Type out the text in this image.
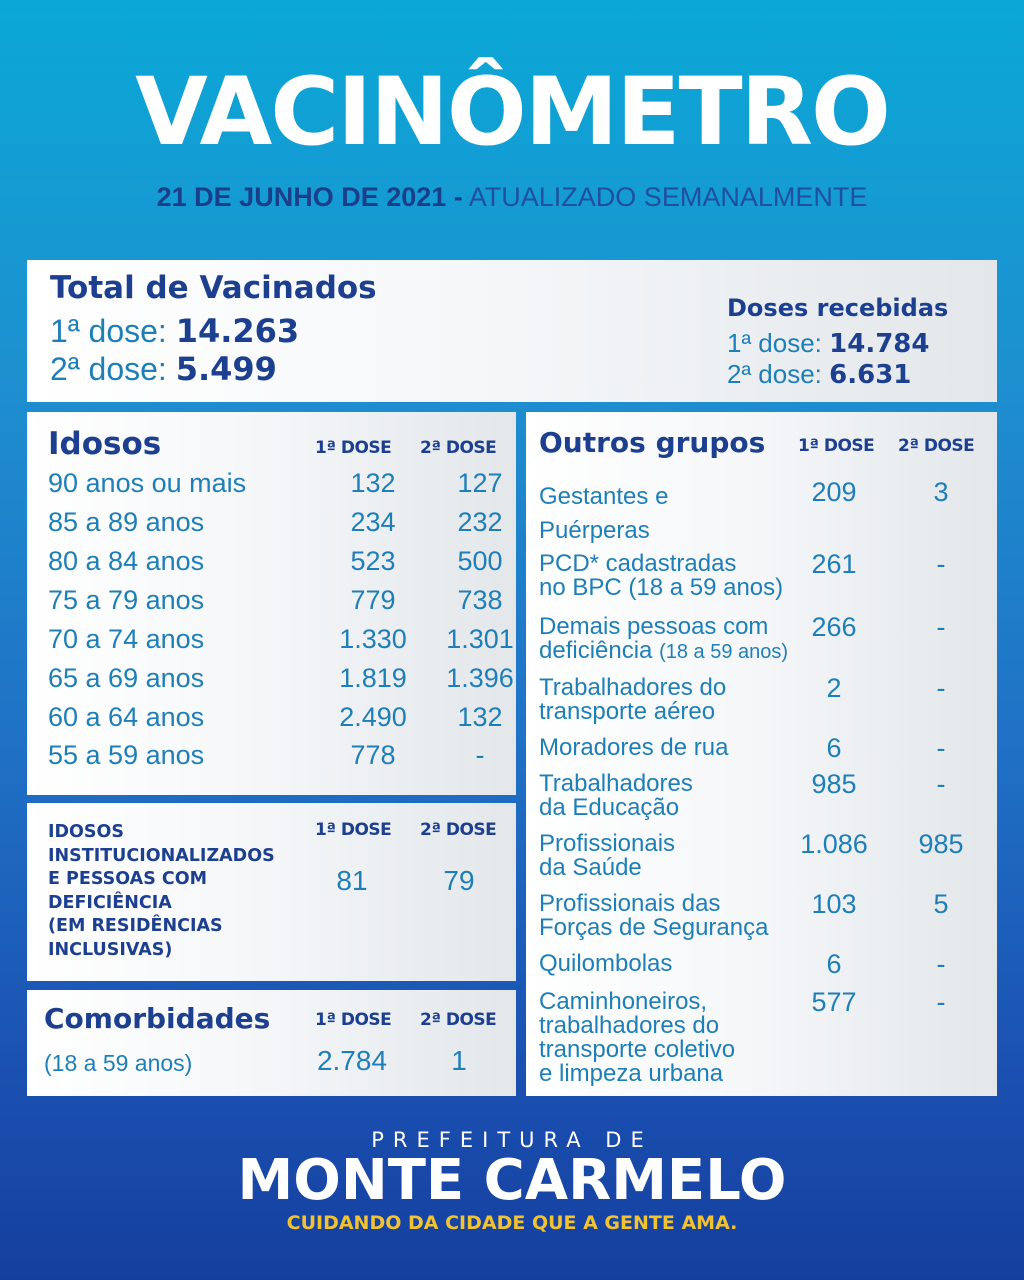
VACINÔMETRO
21 DE JUNHO DE 2021 - ATUALIZADO SEMANALMENTE
Total de Vacinados
1ª dose: 14.263
2ª dose: 5.499
Doses recebidas
1ª dose: 14.784
2ª dose: 6.631
Idosos	1ª DOSE 2ª DOSE
90 anos ou mais	132	127
85 a 89 anos	234	232
80 a 84 anos	523	500
75 a 79 anos	779	738
70 a 74 anos	1.330	1.301
65 a 69 anos	1.819	1.396
60 a 64 anos	2.490	132
55 a 59 anos	778	-
IDOSOS
INSTITUCIONALIZADOS
E PESSOAS COM
DEFICIÊNCIA
(EM RESIDÊNCIAS
INCLUSIVAS)
1ª DOSE 2ª DOSE
81	79
Comorbidades	1ª DOSE 2ª DOSE
(18 a 59 anos)	2.784	1
Outros grupos 1ª DOSE 2ª DOSE
Gestantes e
Puérperas
209	3
PCD* cadastradas
no BPC (18 a 59 anos)
261	-
Demais pessoas com
deficiência (18 a 59 anos)
266	-
Trabalhadores do
transporte aéreo
2	-
Moradores de rua	6	-
Trabalhadores
da Educação
985	-
Profissionais
da Saúde
1.086	985
Profissionais das
Forças de Segurança
103	5
Quilombolas	6	-
Caminhoneiros,
trabalhadores do
transporte coletivo
e limpeza urbana
577	-
PREFEITURA DE
MONTE CARMELO
CUIDANDO DA CIDADE QUE A GENTE AMA.
